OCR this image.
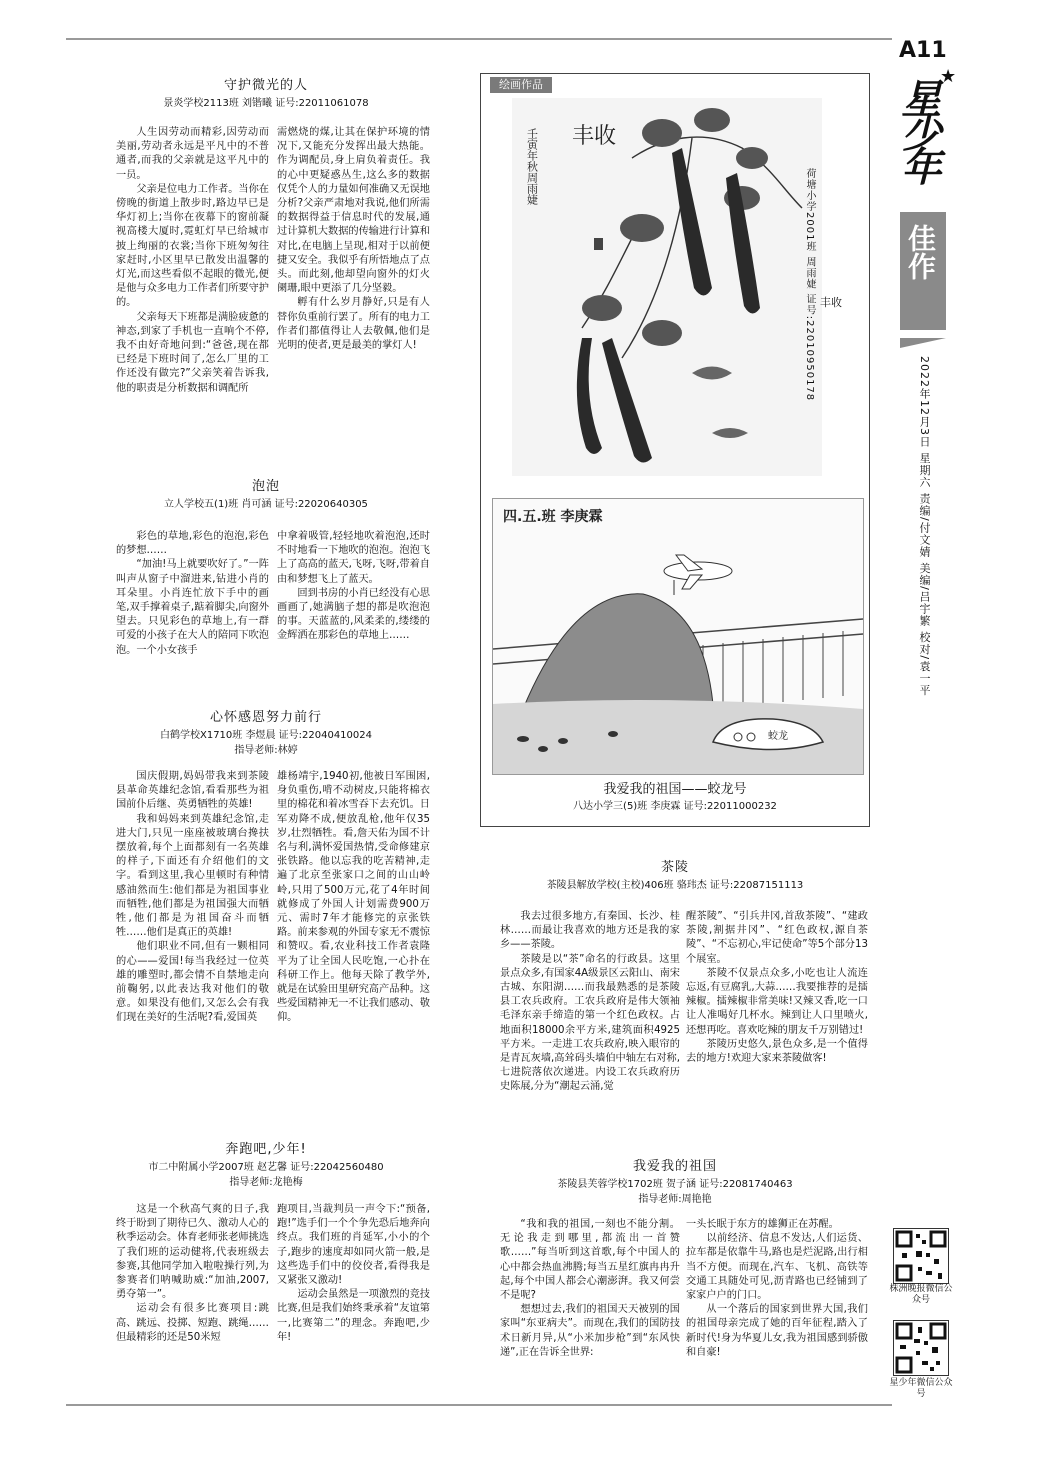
A11
★
星少年
佳作
2022年12月3日 星期六 责编/付文婧 美编/吕宇繁 校对/袁一平
守护微光的人
景炎学校2113班 刘锴曦 证号:22011061078

人生因劳动而精彩,因劳动而美丽,劳动者永远是平凡中的不普通者,而我的父亲就是这平凡中的一员。

父亲是位电力工作者。当你在傍晚的街道上散步时,路边早已是华灯初上;当你在夜幕下的窗前凝视高楼大厦时,霓虹灯早已给城市披上绚丽的衣裳;当你下班匆匆往家赶时,小区里早已散发出温馨的灯光,而这些看似不起眼的微光,便是他与众多电力工作者们所要守护的。

父亲每天下班都是满脸疲惫的神态,到家了手机也一直响个不停,我不由好奇地问到:“爸爸,现在都已经是下班时间了,怎么厂里的工作还没有做完?”父亲笑着告诉我,他的职责是分析数据和调配所

需燃烧的煤,让其在保护环境的情况下,又能充分发挥出最大热能。作为调配员,身上肩负着责任。我的心中更疑惑丛生,这么多的数据仅凭个人的力量如何准确又无误地分析?父亲严肃地对我说,他们所需的数据得益于信息时代的发展,通过计算机大数据的传输进行计算和对比,在电脑上呈现,相对于以前便捷又安全。我似乎有所悟地点了点头。而此刻,他却望向窗外的灯火阑珊,眼中更添了几分坚毅。

孵有什么岁月静好,只是有人替你负重前行罢了。所有的电力工作者们都值得让人去敬佩,他们是光明的使者,更是最美的掌灯人!

泡泡
立人学校五(1)班 肖可涵 证号:22020640305

彩色的草地,彩色的泡泡,彩色的梦想……

“加油!马上就要吹好了。”一阵叫声从窗子中溜进来,钻进小肖的耳朵里。小肖连忙放下手中的画笔,双手撑着桌子,踮着脚尖,向窗外望去。只见彩色的草地上,有一群可爱的小孩子在大人的陪同下吹泡泡。一个小女孩手

中拿着吸管,轻轻地吹着泡泡,还时不时地看一下地吹的泡泡。泡泡飞上了高高的蓝天,飞呀,飞呀,带着自由和梦想飞上了蓝天。

回到书房的小肖已经没有心思画画了,她满脑子想的都是吹泡泡的事。天蓝蓝的,风柔柔的,缕缕的金辉洒在那彩色的草地上……

心怀感恩努力前行
白鹤学校X1710班 李煜晨 证号:22040410024
指导老师:林婷

国庆假期,妈妈带我来到茶陵县革命英雄纪念馆,看看那些为祖国前仆后继、英勇牺牲的英雄!

我和妈妈来到英雄纪念馆,走进大门,只见一座座被玻璃台搀扶摆放着,每个上面都刻有一名英雄的样子,下面还有介绍他们的文字。看到这里,我心里顿时有种情感油然而生:他们都是为祖国事业而牺牲,他们都是为祖国强大而牺牲,他们都是为祖国奋斗而牺牲……他们是真正的英雄!

他们职业不同,但有一颗相同的心——爱国!每当我经过一位英雄的雕塑时,都会情不自禁地走向前鞠躬,以此表达我对他们的敬意。如果没有他们,又怎么会有我们现在美好的生活呢?看,爱国英

雄杨靖宇,1940初,他被日军围困,身负重伤,啃不动树皮,只能将棉衣里的棉花和着冰雪吞下去充饥。日军劝降不成,便放乱枪,他年仅35岁,壮烈牺牲。看,詹天佑为国不计名与利,满怀爱国热情,受命修建京张铁路。他以忘我的吃苦精神,走遍了北京至张家口之间的山山岭岭,只用了500万元,花了4年时间就修成了外国人计划需费900万元、需时7年才能修完的京张铁路。前来参观的外国专家无不震惊和赞叹。看,农业科技工作者袁隆平为了让全国人民吃饱,一心扑在科研工作上。他每天除了教学外,就是在试验田里研究高产品种。这些爱国精神无一不让我们感动、敬仰。

奔跑吧,少年!
市二中附属小学2007班 赵艺馨 证号:22042560480
指导老师:龙艳梅

这是一个秋高气爽的日子,我终于盼到了期待已久、激动人心的秋季运动会。体育老师张老师挑选了我们班的运动健将,代表班级去参赛,其他同学加入啦啦操行列,为参赛者们呐喊助威:“加油,2007,勇夺第一”。

运动会有很多比赛项目:跳高、跳远、投掷、短跑、跳绳……但最精彩的还是50米短

跑项目,当裁判员一声令下:“预备,跑!”选手们一个个争先恐后地奔向终点。我们班的肖延军,小小的个子,跑步的速度却如同火箭一般,是这些选手们中的佼佼者,看得我是又紧张又激动!

运动会虽然是一项激烈的竞技比赛,但是我们始终秉承着“友谊第一,比赛第二”的理念。奔跑吧,少年!

绘画作品
丰收
壬寅年秋周雨婕
荷塘小学2001班 周雨婕 证号:22010950178 丰收
四.五.班 李庚霖
蛟龙
我爱我的祖国——蛟龙号
八达小学三(5)班 李庚霖 证号:22011000232
茶陵
茶陵县解放学校(主校)406班 骆玮杰 证号:22087151113

我去过很多地方,有秦国、长沙、桂林……而最让我喜欢的地方还是我的家乡——茶陵。

茶陵是以“茶”命名的行政县。这里景点众多,有国家4A级景区云阳山、南宋古城、东阳湖……而我最熟悉的是茶陵县工农兵政府。工农兵政府是伟大领袖毛泽东亲手缔造的第一个红色政权。占地面积18000余平方米,建筑面积4925平方米。一走进工农兵政府,映入眼帘的是青瓦灰墙,高耸码头墙伯中轴左右对称,七进院落依次递进。内设工农兵政府历史陈展,分为“潮起云涌,觉

醒茶陵”、“引兵井冈,首敌茶陵”、“建政茶陵,割据井冈”、“红色政权,源自茶陵”、“不忘初心,牢记使命”等5个部分13个展室。

茶陵不仅景点众多,小吃也让人流连忘返,有豆腐乳,大蒜……我要推荐的是擂辣椒。擂辣椒非常美味!又辣又香,吃一口让人准喝好几杯水。辣到让人口里喷火,还想再吃。喜欢吃辣的朋友千万别错过!

茶陵历史悠久,景色众多,是一个值得去的地方!欢迎大家来茶陵做客!

我爱我的祖国
茶陵县芙蓉学校1702班 贺子涵 证号:22081740463
指导老师:周艳艳

“我和我的祖国,一刻也不能分割。无论我走到哪里,都流出一首赞歌……”每当听到这首歌,每个中国人的心中都会热血沸腾;每当五星红旗冉冉升起,每个中国人都会心潮澎湃。我又何尝不是呢?

想想过去,我们的祖国天天被别的国家叫“东亚病夫”。而现在,我们的国防技术日新月异,从“小米加步枪”到“东风快递”,正在告诉全世界:

一头长眠于东方的雄狮正在苏醒。

以前经济、信息不发达,人们运货、拉车都是依靠牛马,路也是烂泥路,出行相当不方便。而现在,汽车、飞机、高铁等交通工具随处可见,沥青路也已经铺到了家家户户的门口。

从一个落后的国家到世界大国,我们的祖国母亲完成了她的百年征程,踏入了新时代!身为华夏儿女,我为祖国感到骄傲和自豪!

株洲晚报微信公众号
星少年微信公众号
